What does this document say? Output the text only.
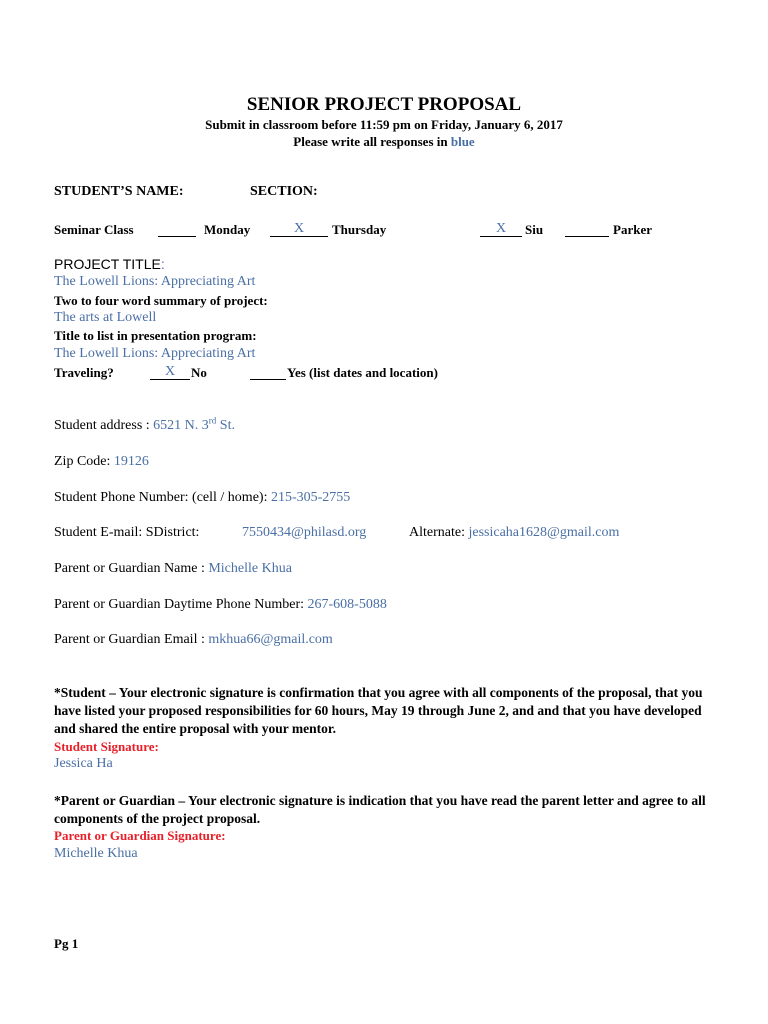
SENIOR PROJECT PROPOSAL
Submit in classroom before 11:59 pm on Friday, January 6, 2017
Please write all responses in blue
STUDENT’S NAME:	SECTION:
Seminar Class	Monday	X	Thursday	X	Siu	Parker
PROJECT TITLE:
The Lowell Lions: Appreciating Art
Two to four word summary of project:
The arts at Lowell
Title to list in presentation program:
The Lowell Lions: Appreciating Art
Traveling?	X	No	Yes (list dates and location)
Student address : 6521 N. 3rd St.
Zip Code: 19126
Student Phone Number: (cell / home): 215-305-2755
Student E-mail: SDistrict:	7550434@philasd.org	Alternate: jessicaha1628@gmail.com
Parent or Guardian Name : Michelle Khua
Parent or Guardian Daytime Phone Number: 267-608-5088
Parent or Guardian Email : mkhua66@gmail.com
*Student – Your electronic signature is confirmation that you agree with all components of the proposal, that you have listed your proposed responsibilities for 60 hours, May 19 through June 2, and and that you have developed and shared the entire proposal with your mentor.
Student Signature:
Jessica Ha
*Parent or Guardian – Your electronic signature is indication that you have read the parent letter and agree to all components of the project proposal.
Parent or Guardian Signature:
Michelle Khua
Pg 1
